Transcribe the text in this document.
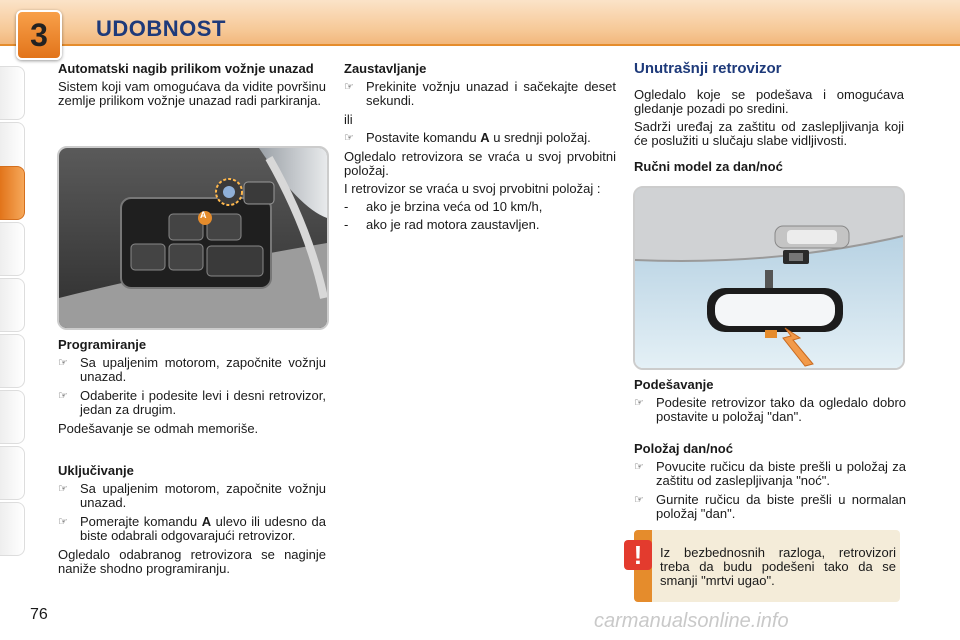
3	UDOBNOST
Automatski nagib prilikom vožnje unazad

Sistem koji vam omogućava da vidite površinu zemlje prilikom vožnje unazad radi parkiranja.

A
Programiranje
☞ Sa upaljenim motorom, započnite vožnju unazad.
☞ Odaberite i podesite levi i desni retrovizor, jedan za drugim.

Podešavanje se odmah memoriše.

Uključivanje
☞ Sa upaljenim motorom, započnite vožnju unazad.
☞ Pomerajte komandu A ulevo ili udesno da biste odabrali odgovarajući retrovizor.

Ogledalo odabranog retrovizora se naginje naniže shodno programiranju.

Zaustavljanje
☞ Prekinite vožnju unazad i sačekajte deset sekundi.

ili

☞ Postavite komandu A u srednji položaj.

Ogledalo retrovizora se vraća u svoj prvobitni položaj.

I retrovizor se vraća u svoj prvobitni položaj :

- ako je brzina veća od 10 km/h,
- ako je rad motora zaustavljen.
Unutrašnji retrovizor

Ogledalo koje se podešava i omogućava gledanje pozadi po sredini.

Sadrži uređaj za zaštitu od zaslepljivanja koji će poslužiti u slučaju slabe vidljivosti.

Ručni model za dan/noć
Podešavanje
☞ Podesite retrovizor tako da ogledalo dobro postavite u položaj "dan".
Položaj dan/noć
☞ Povucite ručicu da biste prešli u položaj za zaštitu od zaslepljivanja "noć".
☞ Gurnite ručicu da biste prešli u normalan položaj "dan".
!	Iz bezbednosnih razloga, retrovizori treba da budu podešeni tako da se smanji "mrtvi ugao".
76	carmanualsonline.info
